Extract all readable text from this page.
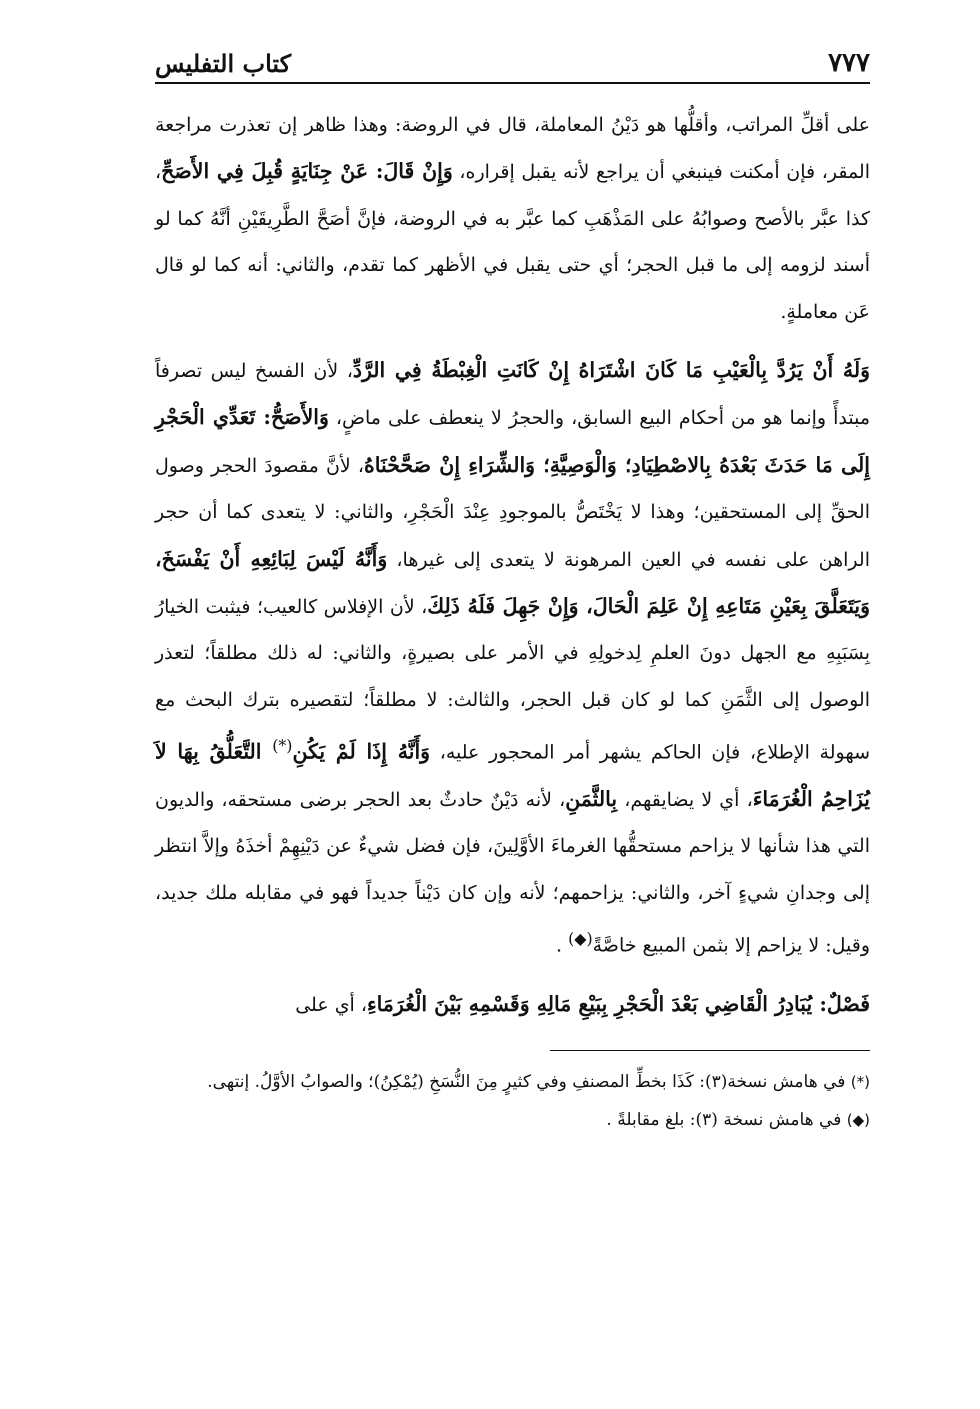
٧٧٧
كتاب التفليس

على أقلِّ المراتب، وأقلُّها هو دَيْنُ المعاملة، قال في الروضة: وهذا ظاهر إن تعذرت مراجعة المقر، فإن أمكنت فينبغي أن يراجع لأنه يقبل إقراره، وَإِنْ قَالَ: عَنْ جِنَايَةٍ قُبِلَ فِي الأَصَحِّ، كذا عبَّر بالأصح وصوابُهُ على المَذْهَبِ كما عبَّر به في الروضة، فإنَّ أصَحَّ الطَّرِيقَيْنِ أنَّهُ كما لو أسند لزومه إلى ما قبل الحجر؛ أي حتى يقبل في الأظهر كما تقدم، والثاني: أنه كما لو قال عَن معاملةٍ.

وَلَهُ أَنْ يَرُدَّ بِالْعَيْبِ مَا كَانَ اشْتَرَاهُ إِنْ كَانَتِ الْغِبْطَةُ فِي الرَّدِّ، لأن الفسخ ليس تصرفاً مبتدأً وإنما هو من أحكام البيع السابق، والحجرُ لا ينعطف على ماضٍ، وَالأَصَحُّ: تَعَدِّي الْحَجْرِ إِلَى مَا حَدَثَ بَعْدَهُ بِالاصْطِيَادِ؛ وَالْوَصِيَّةِ؛ وَالشِّرَاءِ إِنْ صَحَّحْنَاهُ، لأنَّ مقصودَ الحجر وصول الحقِّ إلى المستحقين؛ وهذا لا يَخْتَصُّ بالموجودِ عِنْدَ الْحَجْرِ، والثاني: لا يتعدى كما أن حجر الراهن على نفسه في العين المرهونة لا يتعدى إلى غيرها، وَأَنَّهُ لَيْسَ لِبَائِعِهِ أَنْ يَفْسَخَ، وَيَتَعَلَّقَ بِعَيْنِ مَتَاعِهِ إِنْ عَلِمَ الْحَالَ، وَإِنْ جَهِلَ فَلَهُ ذَلِكَ، لأن الإفلاس كالعيب؛ فيثبت الخيارُ بِسَبَبِهِ مع الجهل دونَ العلمِ لِدخولِهِ في الأمر على بصيرةٍ، والثاني: له ذلك مطلقاً؛ لتعذر الوصول إلى الثَّمَنِ كما لو كان قبل الحجر، والثالث: لا مطلقاً؛ لتقصيره بترك البحث مع سهولة الإطلاع، فإن الحاكم يشهر أمر المحجور عليه، وَأَنَّهُ إِذَا لَمْ يَكُنِ(*) التَّعَلُّقُ بِهَا لاَ يُزَاحِمُ الْغُرَمَاءَ، أي لا يضايقهم، بِالثَّمَنِ، لأنه دَيْنٌ حادثٌ بعد الحجر برضى مستحقه، والديون التي هذا شأنها لا يزاحم مستحقُّها الغرماءَ الأوَّلِينَ، فإن فضل شيءٌ عن دَيْنِهِمْ أخذَهُ وإلاَّ انتظر إلى وجدانِ شيءٍ آخر، والثاني: يزاحمهم؛ لأنه وإن كان دَيْناً جديداً فهو في مقابله ملك جديد، وقيل: لا يزاحم إلا بثمن المبيع خاصَّةً(◆) .

فَصْلٌ: يُبَادِرُ الْقَاضِي بَعْدَ الْحَجْرِ بِبَيْعِ مَالِهِ وَقَسْمِهِ بَيْنَ الْغُرَمَاءِ، أي على

(*) في هامش نسخة(٣): كَذَا بخطِّ المصنفِ وفي كثيرٍ مِنَ النُّسَخِ (يُمْكِنُ)؛ والصوابُ الأوَّلُ. إنتهى.

(◆) في هامش نسخة (٣): بلغ مقابلةً .
